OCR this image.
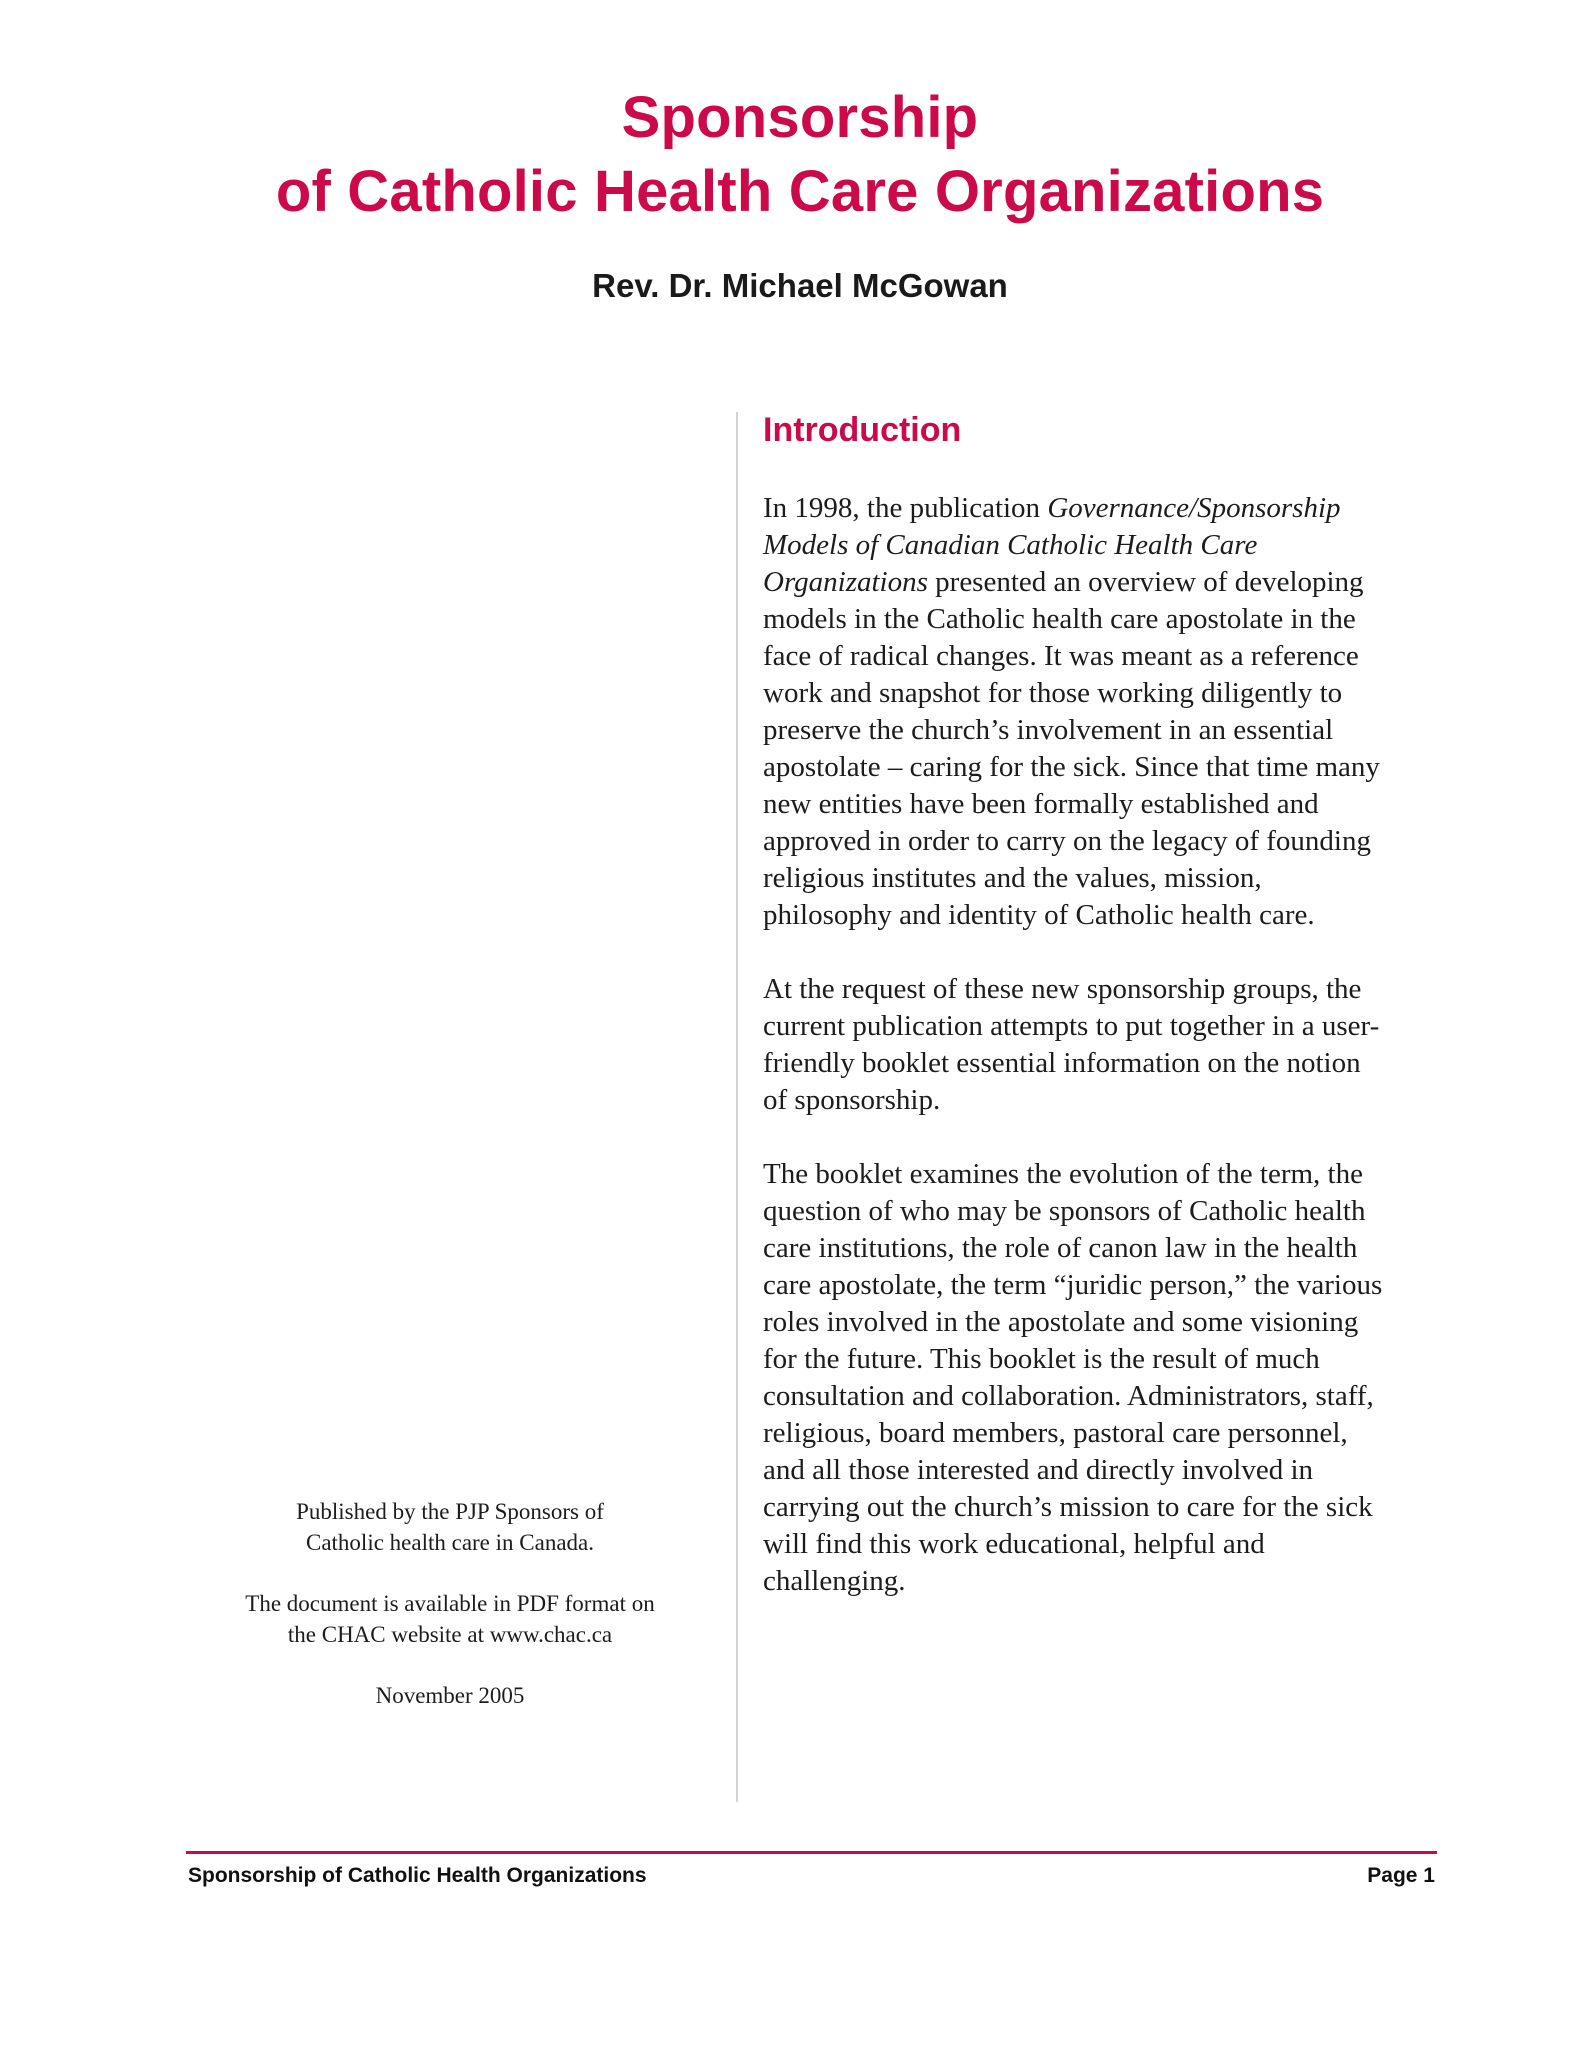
Sponsorship
of Catholic Health Care Organizations
Rev. Dr. Michael McGowan
Introduction

In 1998, the publication Governance/Sponsorship
Models of Canadian Catholic Health Care
Organizations presented an overview of developing
models in the Catholic health care apostolate in the
face of radical changes. It was meant as a reference
work and snapshot for those working diligently to
preserve the church’s involvement in an essential
apostolate – caring for the sick. Since that time many
new entities have been formally established and
approved in order to carry on the legacy of founding
religious institutes and the values, mission,
philosophy and identity of Catholic health care.

At the request of these new sponsorship groups, the
current publication attempts to put together in a user-
friendly booklet essential information on the notion
of sponsorship.

The booklet examines the evolution of the term, the
question of who may be sponsors of Catholic health
care institutions, the role of canon law in the health
care apostolate, the term “juridic person,” the various
roles involved in the apostolate and some visioning
for the future. This booklet is the result of much
consultation and collaboration. Administrators, staff,
religious, board members, pastoral care personnel,
and all those interested and directly involved in
carrying out the church’s mission to care for the sick
will find this work educational, helpful and
challenging.

Published by the PJP Sponsors of
Catholic health care in Canada.

The document is available in PDF format on
the CHAC website at www.chac.ca

November 2005

Sponsorship of Catholic Health Organizations	Page 1
